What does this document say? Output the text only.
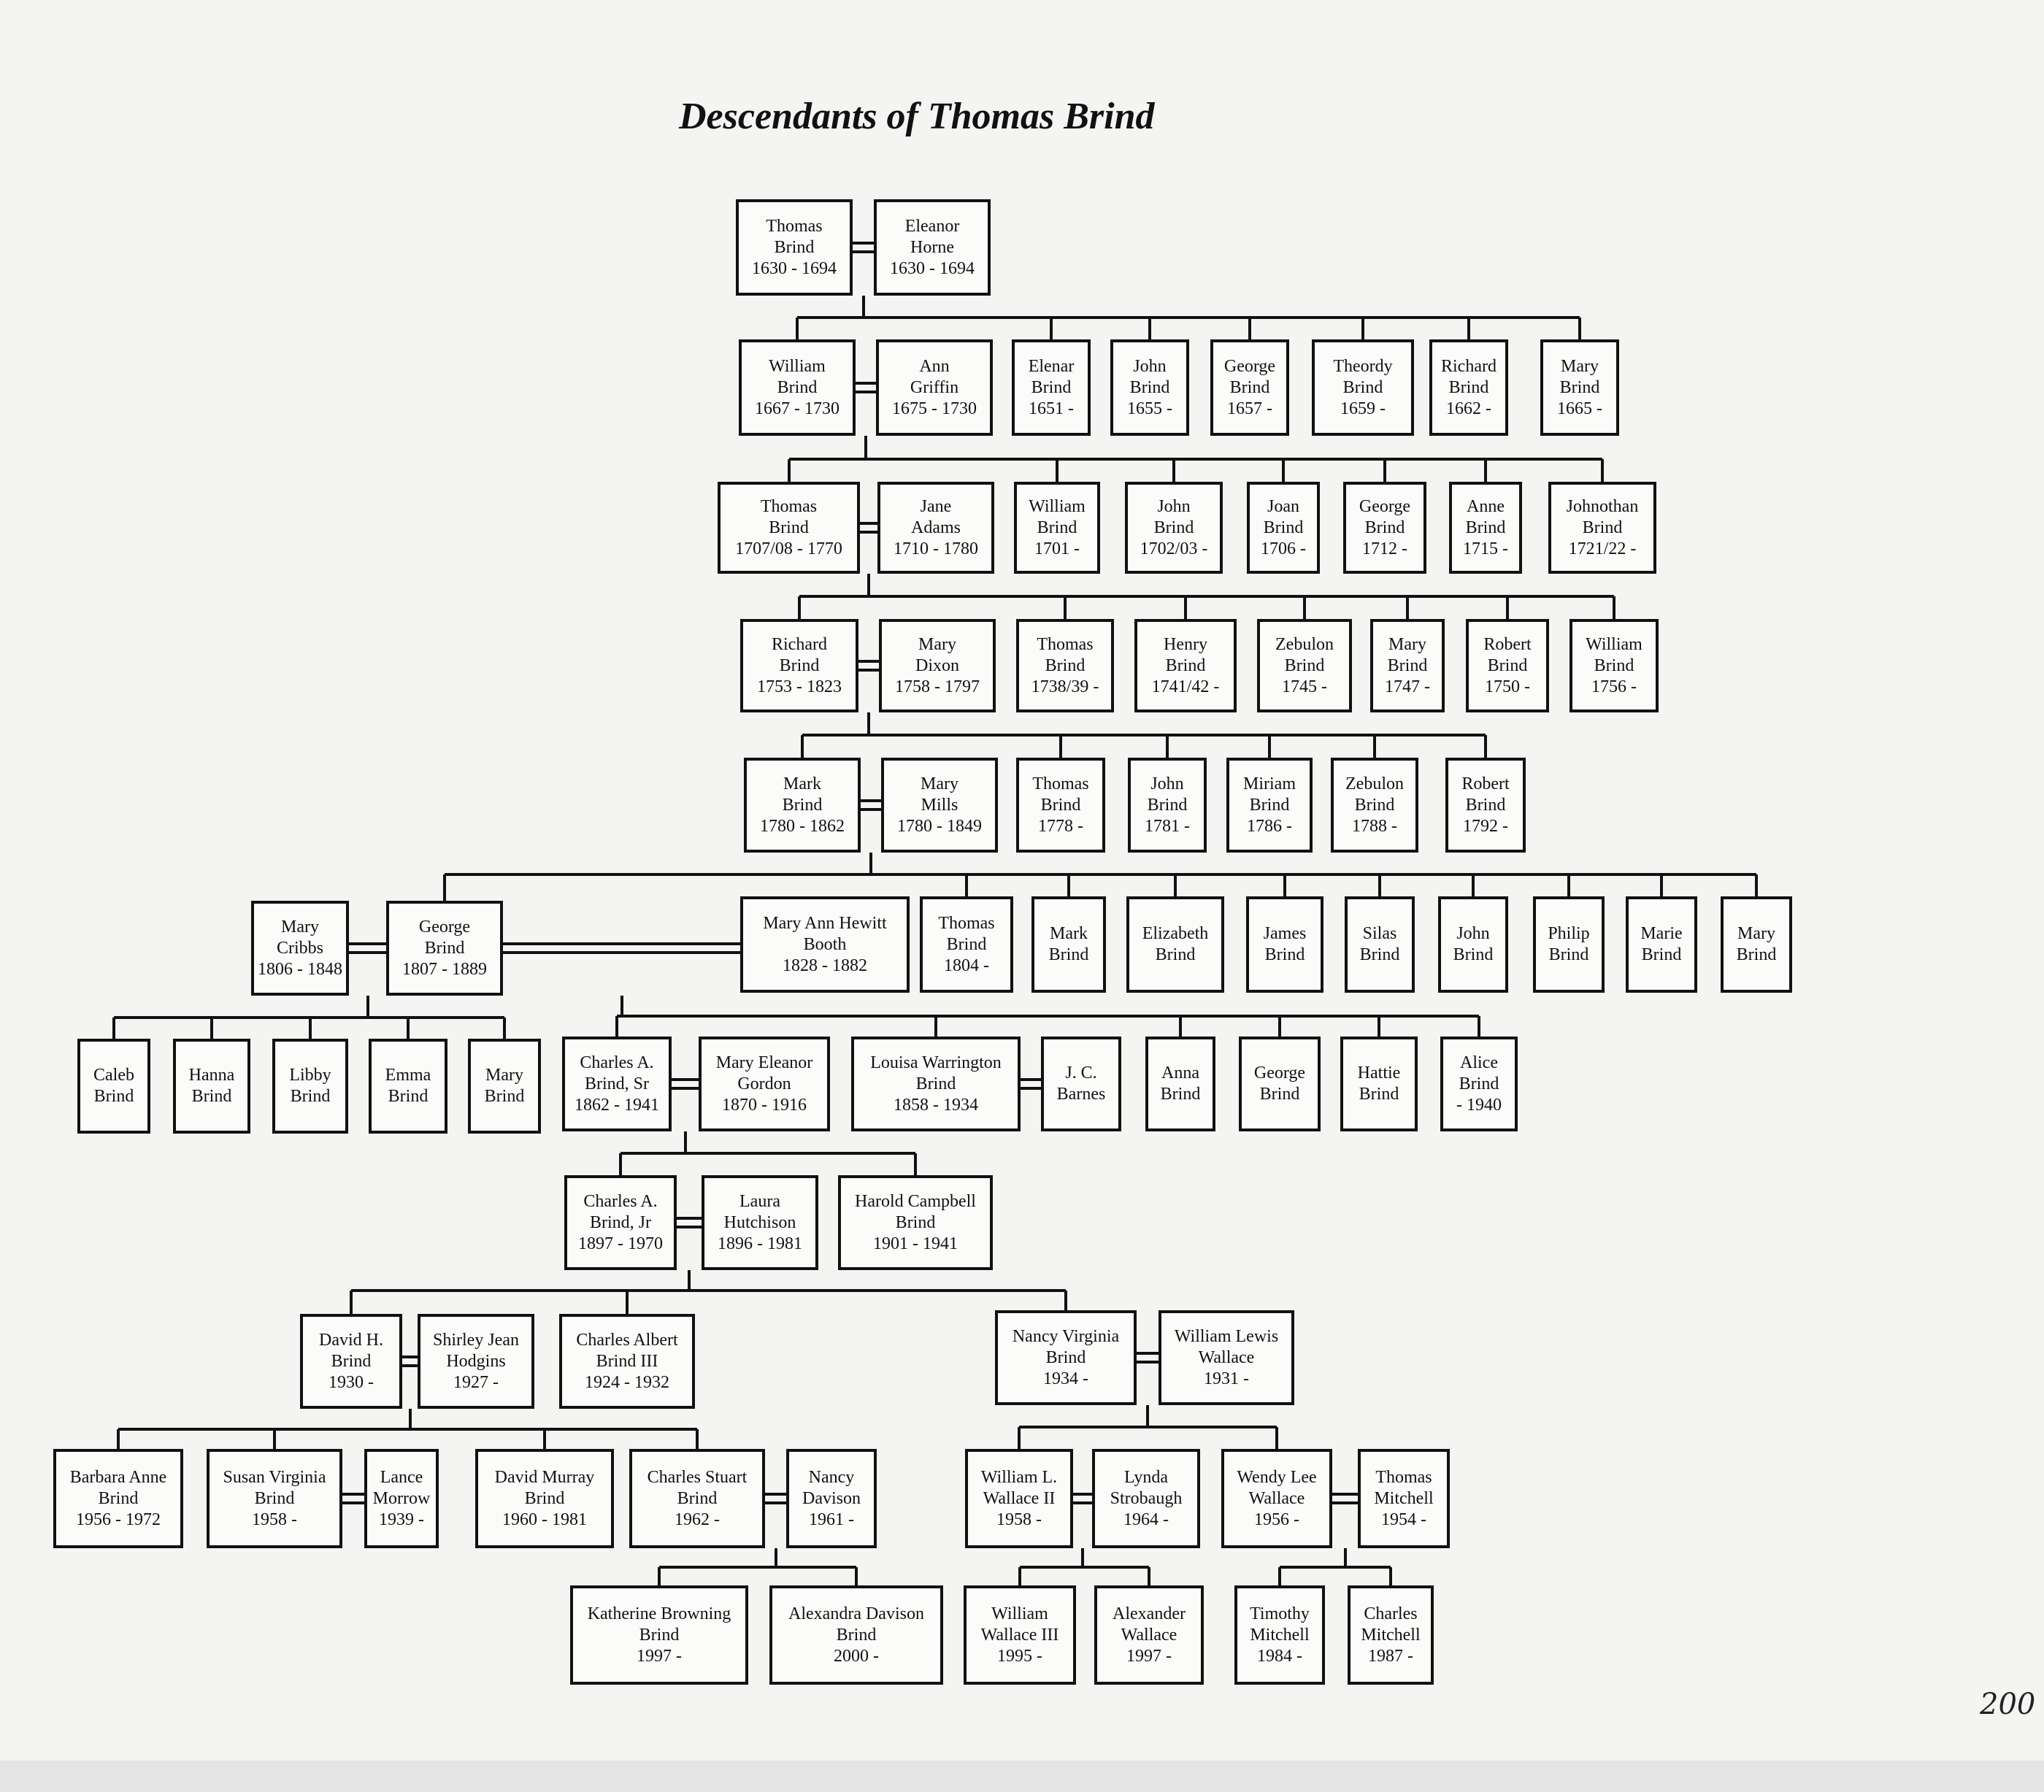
Descendants of Thomas Brind
Thomas
Brind
1630 - 1694
Eleanor
Horne
1630 - 1694
William
Brind
1667 - 1730
Ann
Griffin
1675 - 1730
Elenar
Brind
1651 -
John
Brind
1655 -
George
Brind
1657 -
Theordy
Brind
1659 -
Richard
Brind
1662 -
Mary
Brind
1665 -
Thomas
Brind
1707/08 - 1770
Jane
Adams
1710 - 1780
William
Brind
1701 -
John
Brind
1702/03 -
Joan
Brind
1706 -
George
Brind
1712 -
Anne
Brind
1715 -
Johnothan
Brind
1721/22 -
Richard
Brind
1753 - 1823
Mary
Dixon
1758 - 1797
Thomas
Brind
1738/39 -
Henry
Brind
1741/42 -
Zebulon
Brind
1745 -
Mary
Brind
1747 -
Robert
Brind
1750 -
William
Brind
1756 -
Mark
Brind
1780 - 1862
Mary
Mills
1780 - 1849
Thomas
Brind
1778 -
John
Brind
1781 -
Miriam
Brind
1786 -
Zebulon
Brind
1788 -
Robert
Brind
1792 -
Mary
Cribbs
1806 - 1848
George
Brind
1807 - 1889
Mary Ann Hewitt
Booth
1828 - 1882
Thomas
Brind
1804 -
Mark
Brind
Elizabeth
Brind
James
Brind
Silas
Brind
John
Brind
Philip
Brind
Marie
Brind
Mary
Brind
Caleb
Brind
Hanna
Brind
Libby
Brind
Emma
Brind
Mary
Brind
Charles A.
Brind, Sr
1862 - 1941
Mary Eleanor
Gordon
1870 - 1916
Louisa Warrington
Brind
1858 - 1934
J. C.
Barnes
Anna
Brind
George
Brind
Hattie
Brind
Alice
Brind
- 1940
Charles A.
Brind, Jr
1897 - 1970
Laura
Hutchison
1896 - 1981
Harold Campbell
Brind
1901 - 1941
David H.
Brind
1930 -
Shirley Jean
Hodgins
1927 -
Charles Albert
Brind III
1924 - 1932
Nancy Virginia
Brind
1934 -
William Lewis
Wallace
1931 -
Barbara Anne
Brind
1956 - 1972
Susan Virginia
Brind
1958 -
Lance
Morrow
1939 -
David Murray
Brind
1960 - 1981
Charles Stuart
Brind
1962 -
Nancy
Davison
1961 -
William L.
Wallace II
1958 -
Lynda
Strobaugh
1964 -
Wendy Lee
Wallace
1956 -
Thomas
Mitchell
1954 -
Katherine Browning
Brind
1997 -
Alexandra Davison
Brind
2000 -
William
Wallace III
1995 -
Alexander
Wallace
1997 -
Timothy
Mitchell
1984 -
Charles
Mitchell
1987 -
200
